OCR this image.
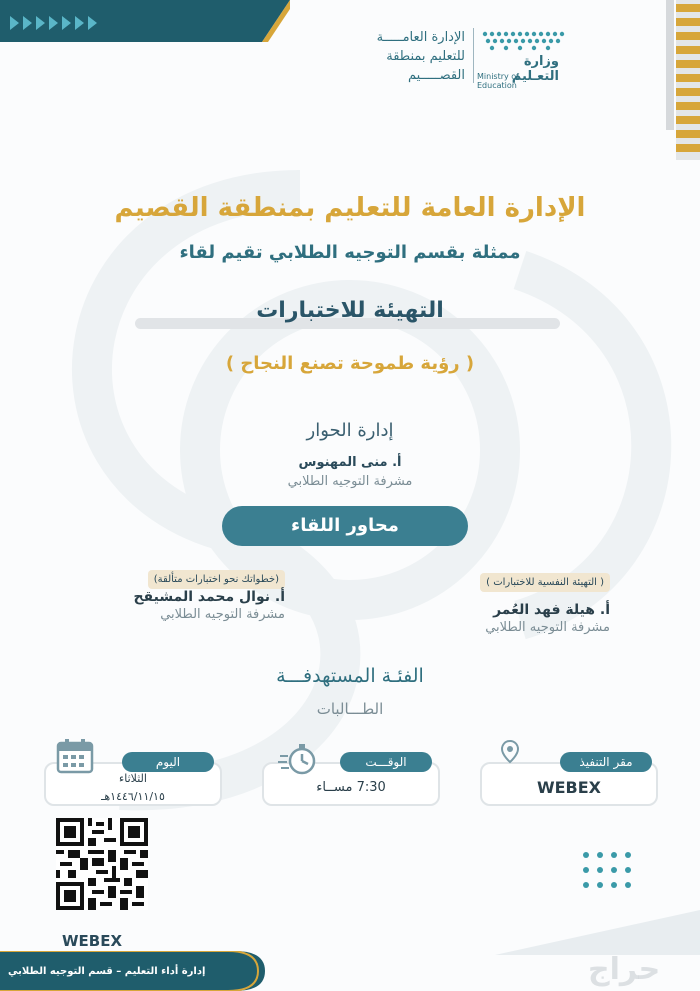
الإدارة العامـــــة
للتعليم بمنطقة
القصـــــيم
وزارة التعـليم
Ministry of Education
الإدارة العامة للتعليم بمنطقة القصيم
ممثلة بقسم التوجيه الطلابي تقيم لقاء
التهيئة للاختبارات
( رؤية طموحة تصنع النجاح )
إدارة الحوار
أ. منى المهنوس
مشرفة التوجيه الطلابي
محاور اللقاء
( التهيئة النفسية للاختبارات )
أ. هيلة فهد العُمر
مشرفة التوجيه الطلابي
(خطواتك نحو اختبارات متألقة)
أ. نوال محمد المشيقح
مشرفة التوجيه الطلابي
الفئـة المستهدفـــة
الطـــالبات
WEBEX
مقر التنفيذ
7:30 مســاء
الوقـــت
الثلاثاء
١٤٤٦/١١/١٥هـ
اليوم
WEBEX
إدارة أداء التعليم – قسم التوجيه الطلابي	حراج
